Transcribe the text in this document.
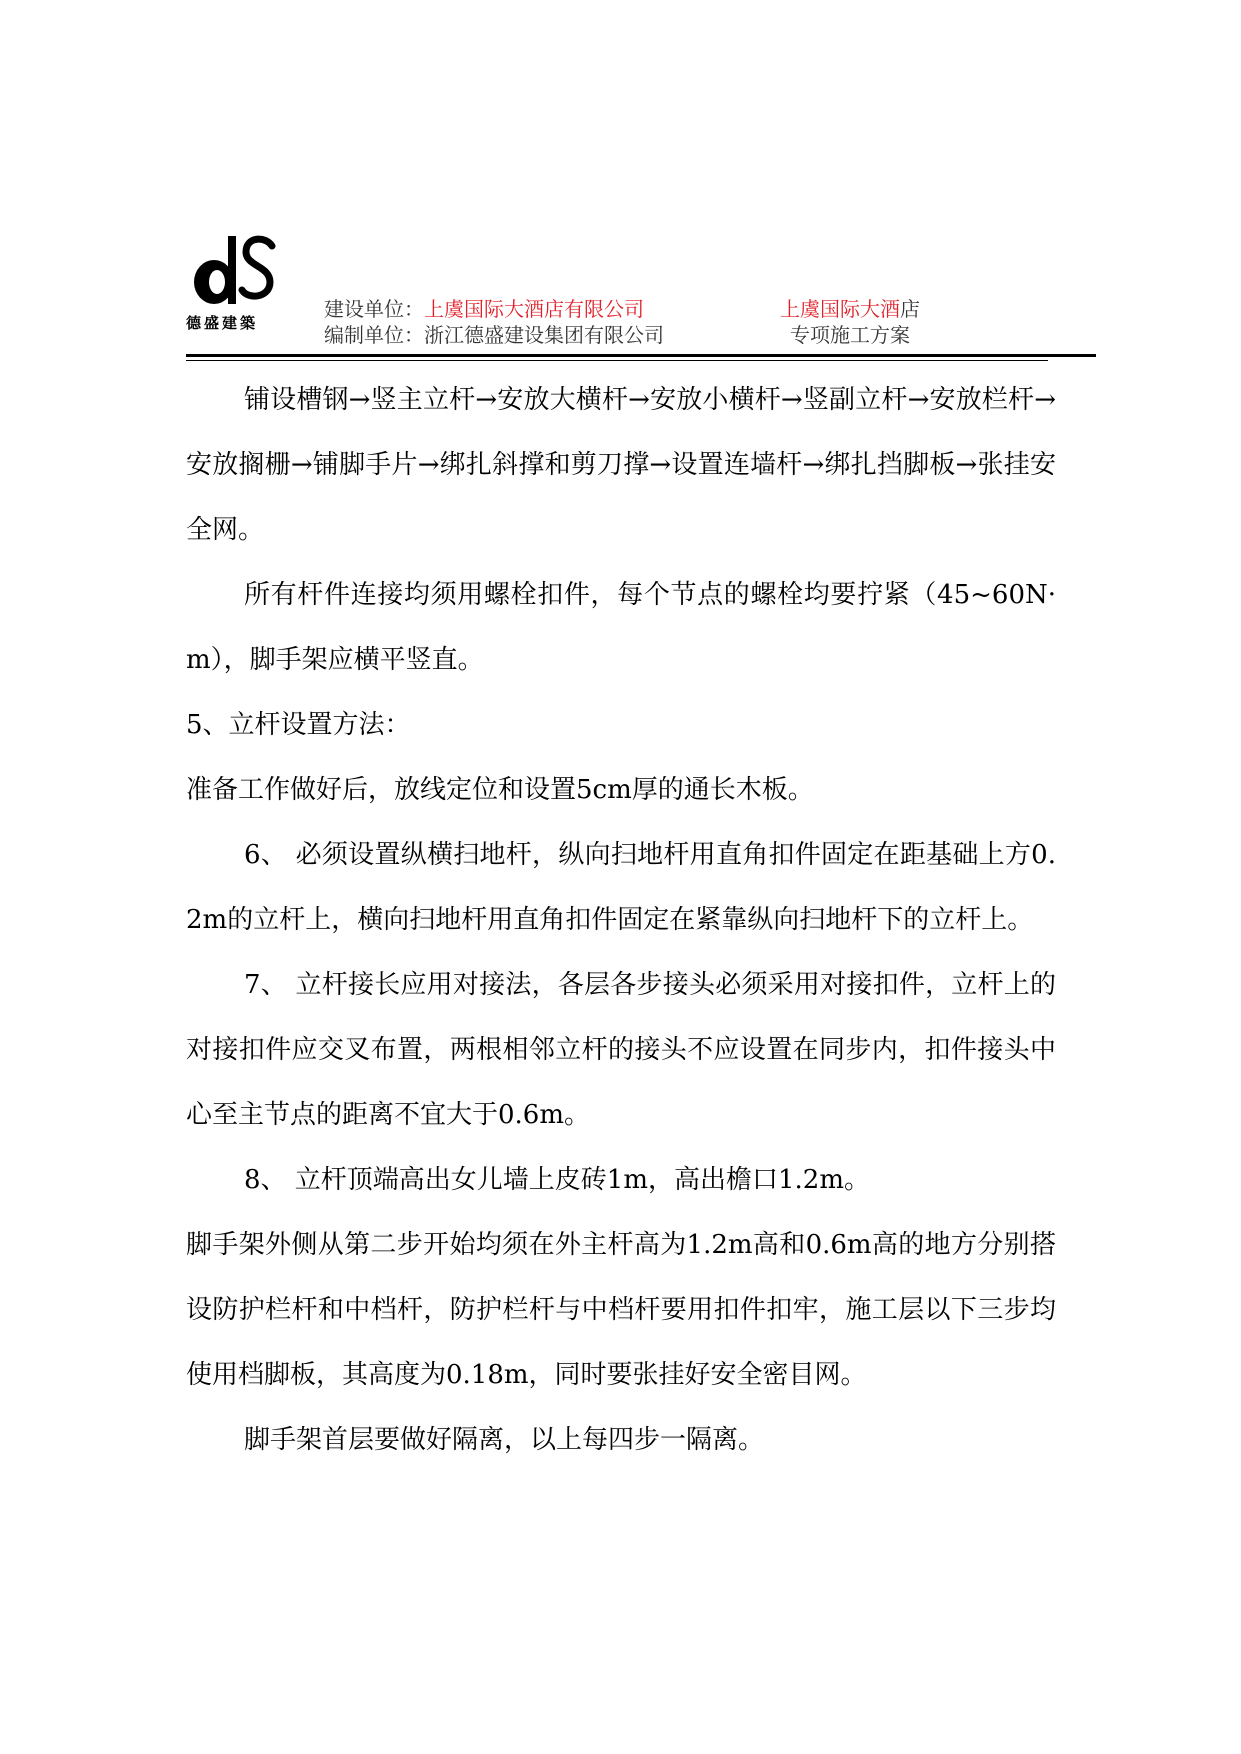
德盛建築
建设单位：上虞国际大酒店有限公司
编制单位：浙江德盛建设集团有限公司
上虞国际大酒店
专项施工方案

铺设槽钢→竖主立杆→安放大横杆→安放小横杆→竖副立杆→安放栏杆→安放搁栅→铺脚手片→绑扎斜撑和剪刀撑→设置连墙杆→绑扎挡脚板→张挂安全网。

所有杆件连接均须用螺栓扣件，每个节点的螺栓均要拧紧（45~60N·m），脚手架应横平竖直。

5、立杆设置方法：

准备工作做好后，放线定位和设置5cm厚的通长木板。

6、 必须设置纵横扫地杆，纵向扫地杆用直角扣件固定在距基础上方0.2m的立杆上，横向扫地杆用直角扣件固定在紧靠纵向扫地杆下的立杆上。

7、 立杆接长应用对接法，各层各步接头必须采用对接扣件，立杆上的对接扣件应交叉布置，两根相邻立杆的接头不应设置在同步内，扣件接头中心至主节点的距离不宜大于0.6m。

8、 立杆顶端高出女儿墙上皮砖1m，高出檐口1.2m。

脚手架外侧从第二步开始均须在外主杆高为1.2m高和0.6m高的地方分别搭设防护栏杆和中档杆，防护栏杆与中档杆要用扣件扣牢，施工层以下三步均使用档脚板，其高度为0.18m，同时要张挂好安全密目网。

脚手架首层要做好隔离，以上每四步一隔离。
